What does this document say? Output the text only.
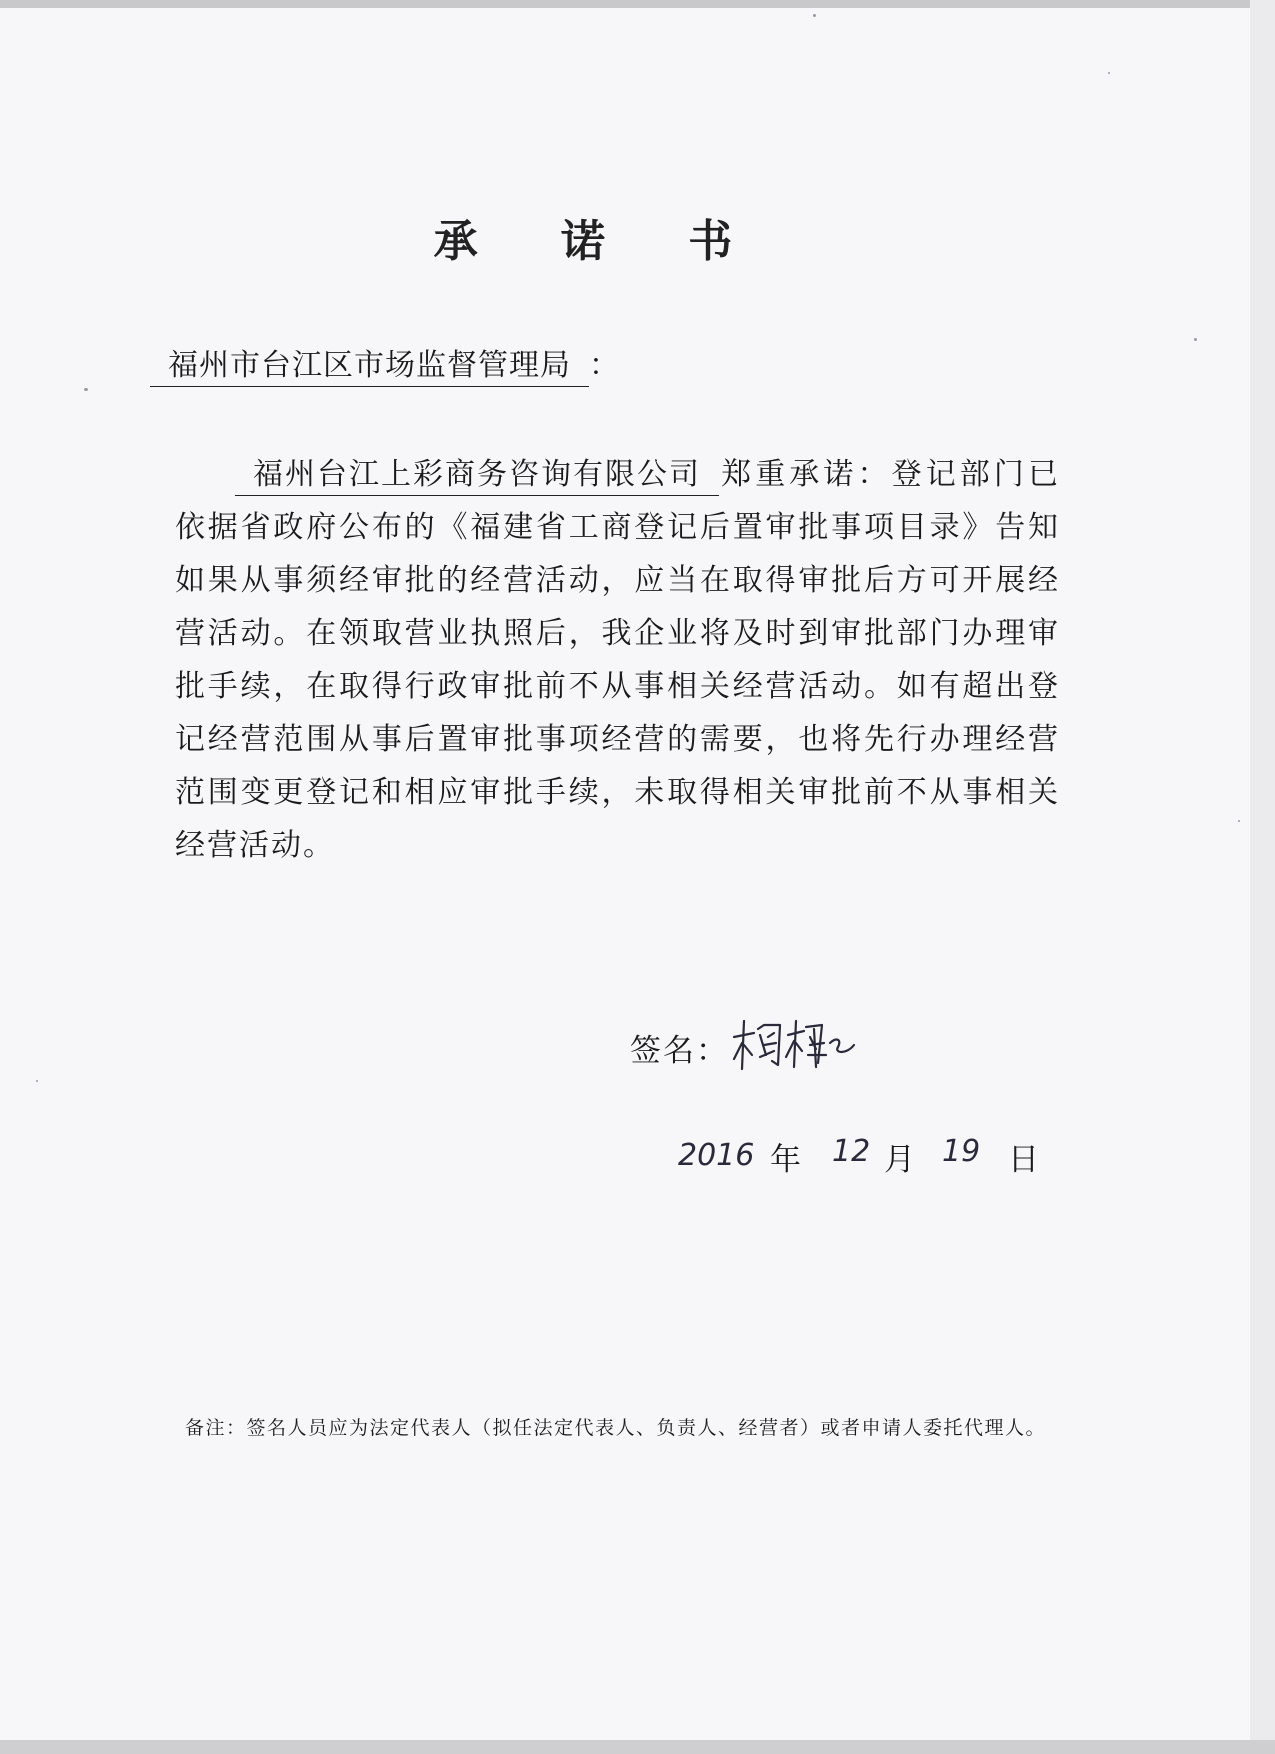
承 诺 书
福州市台江区市场监督管理局 ：
福州台江上彩商务咨询有限公司 郑重承诺：登记部门已依据省政府公布的《福建省工商登记后置审批事项目录》告知如果从事须经审批的经营活动，应当在取得审批后方可开展经营活动。在领取营业执照后，我企业将及时到审批部门办理审批手续，在取得行政审批前不从事相关经营活动。如有超出登记经营范围从事后置审批事项经营的需要，也将先行办理经营范围变更登记和相应审批手续，未取得相关审批前不从事相关经营活动。
签名：
2016 年 12 月 19 日
备注：签名人员应为法定代表人（拟任法定代表人、负责人、经营者）或者申请人委托代理人。
